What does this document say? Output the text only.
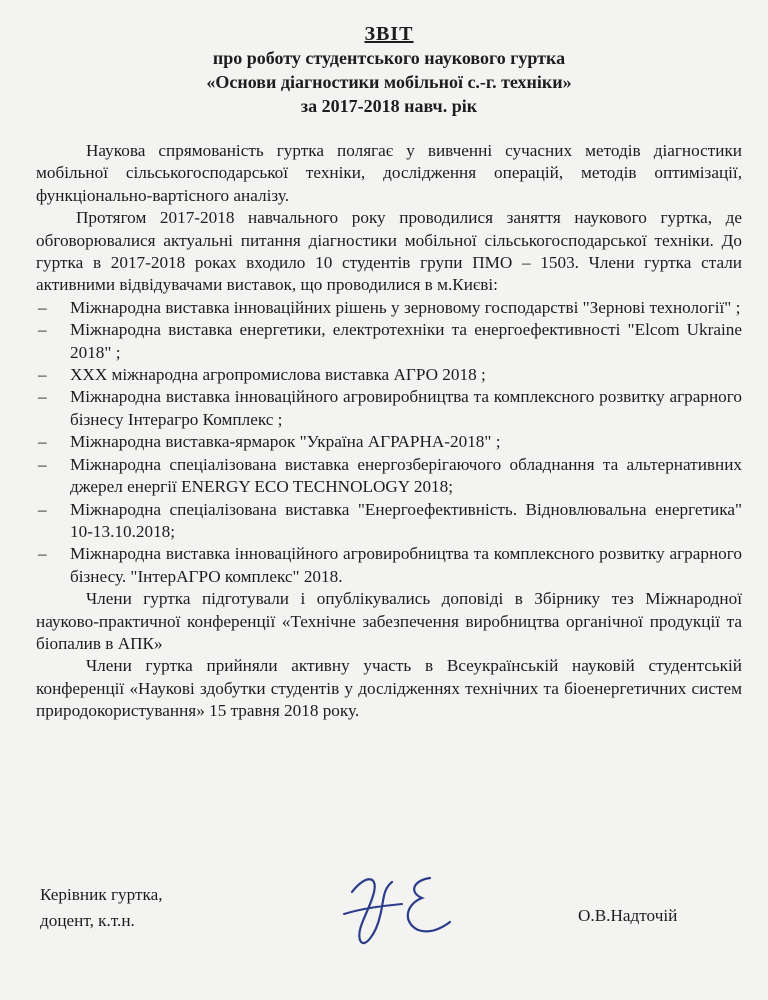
ЗВІТ
про роботу студентського наукового гуртка
«Основи діагностики мобільної с.-г. техніки»
за 2017-2018 навч. рік

Наукова спрямованість гуртка полягає у вивченні сучасних методів діагностики мобільної сільськогосподарської техніки, дослідження операцій, методів оптимізації, функціонально-вартісного аналізу.

Протягом 2017-2018 навчального року проводилися заняття наукового гуртка, де обговорювалися актуальні питання діагностики мобільної сільськогосподарської техніки. До гуртка в 2017-2018 роках входило 10 студентів групи ПМО – 1503. Члени гуртка стали активними відвідувачами виставок, що проводилися в м.Києві:

– Міжнародна виставка інноваційних рішень у зерновому господарстві "Зернові технології" ;
– Міжнародна виставка енергетики, електротехніки та енергоефективності "Elcom Ukraine 2018" ;
– XXX міжнародна агропромислова виставка АГРО 2018 ;
– Міжнародна виставка інноваційного агровиробництва та комплексного розвитку аграрного бізнесу Інтерагро Комплекс ;
– Міжнародна виставка-ярмарок "Україна АГРАРНА-2018" ;
– Міжнародна спеціалізована виставка енергозберігаючого обладнання та альтернативних джерел енергії ENERGY ECO TECHNOLOGY 2018;
– Міжнародна спеціалізована виставка "Енергоефективність. Відновлювальна енергетика" 10-13.10.2018;
– Міжнародна виставка інноваційного агровиробництва та комплексного розвитку аграрного бізнесу. "ІнтерАГРО комплекс" 2018.

Члени гуртка підготували і опублікувались доповіді в Збірнику тез Міжнародної науково-практичної конференції «Технічне забезпечення виробництва органічної продукції та біопалив в АПК»

Члени гуртка прийняли активну участь в Всеукраїнській науковій студентській конференції «Наукові здобутки студентів у дослідженнях технічних та біоенергетичних систем природокористування» 15 травня 2018 року.

Керівник гуртка,
доцент, к.т.н.	О.В.Надточій
